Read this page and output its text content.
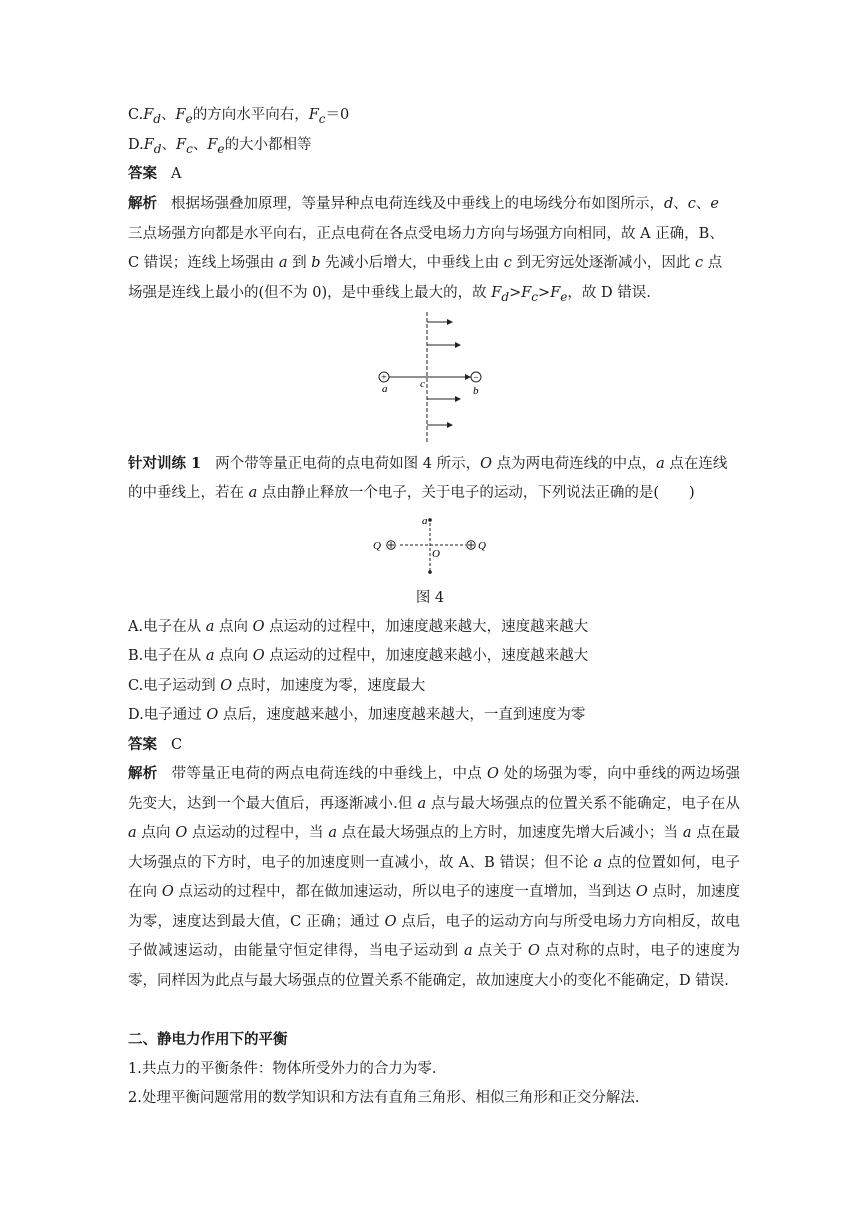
$C.F_d$、$F_e$的方向水平向右，$F_c=0$
$D.F_d$、$F_c$、$F_e$的大小都相等
答案 A
解析 根据场强叠加原理，等量异种点电荷连线及中垂线上的电场线分布如图所示，d、c、e
三点场强方向都是水平向右，正点电荷在各点受电场力方向与场强方向相同，故 A 正确，B、
C 错误；连线上场强由 a 到 b 先减小后增大，中垂线上由 c 到无穷远处逐渐减小，因此 c 点
场强是连线上最小的(但不为 0)，是中垂线上最大的，故 $F_d>F_c>F_e$，故 D 错误.
+	−
a	c
b
针对训练 1 两个带等量正电荷的点电荷如图 4 所示，O 点为两电荷连线的中点，a 点在连线
的中垂线上，若在 a 点由静止释放一个电子，关于电子的运动，下列说法正确的是( )
a
O
Q	Q
图 4
A.电子在从 a 点向 O 点运动的过程中，加速度越来越大，速度越来越大
B.电子在从 a 点向 O 点运动的过程中，加速度越来越小，速度越来越大
C.电子运动到 O 点时，加速度为零，速度最大
D.电子通过 O 点后，速度越来越小，加速度越来越大，一直到速度为零
答案 C
解析 带等量正电荷的两点电荷连线的中垂线上，中点 O 处的场强为零，向中垂线的两边场强先变大，达到一个最大值后，再逐渐减小.但 a 点与最大场强点的位置关系不能确定，电子在从 a 点向 O 点运动的过程中，当 a 点在最大场强点的上方时，加速度先增大后减小；当 a 点在最大场强点的下方时，电子的加速度则一直减小，故 A、B 错误；但不论 a 点的位置如何，电子在向 O 点运动的过程中，都在做加速运动，所以电子的速度一直增加，当到达 O 点时，加速度为零，速度达到最大值，C 正确；通过 O 点后，电子的运动方向与所受电场力方向相反，故电子做减速运动，由能量守恒定律得，当电子运动到 a 点关于 O 点对称的点时，电子的速度为零，同样因为此点与最大场强点的位置关系不能确定，故加速度大小的变化不能确定，D 错误.
二、静电力作用下的平衡
1.共点力的平衡条件：物体所受外力的合力为零.
2.处理平衡问题常用的数学知识和方法有直角三角形、相似三角形和正交分解法.
